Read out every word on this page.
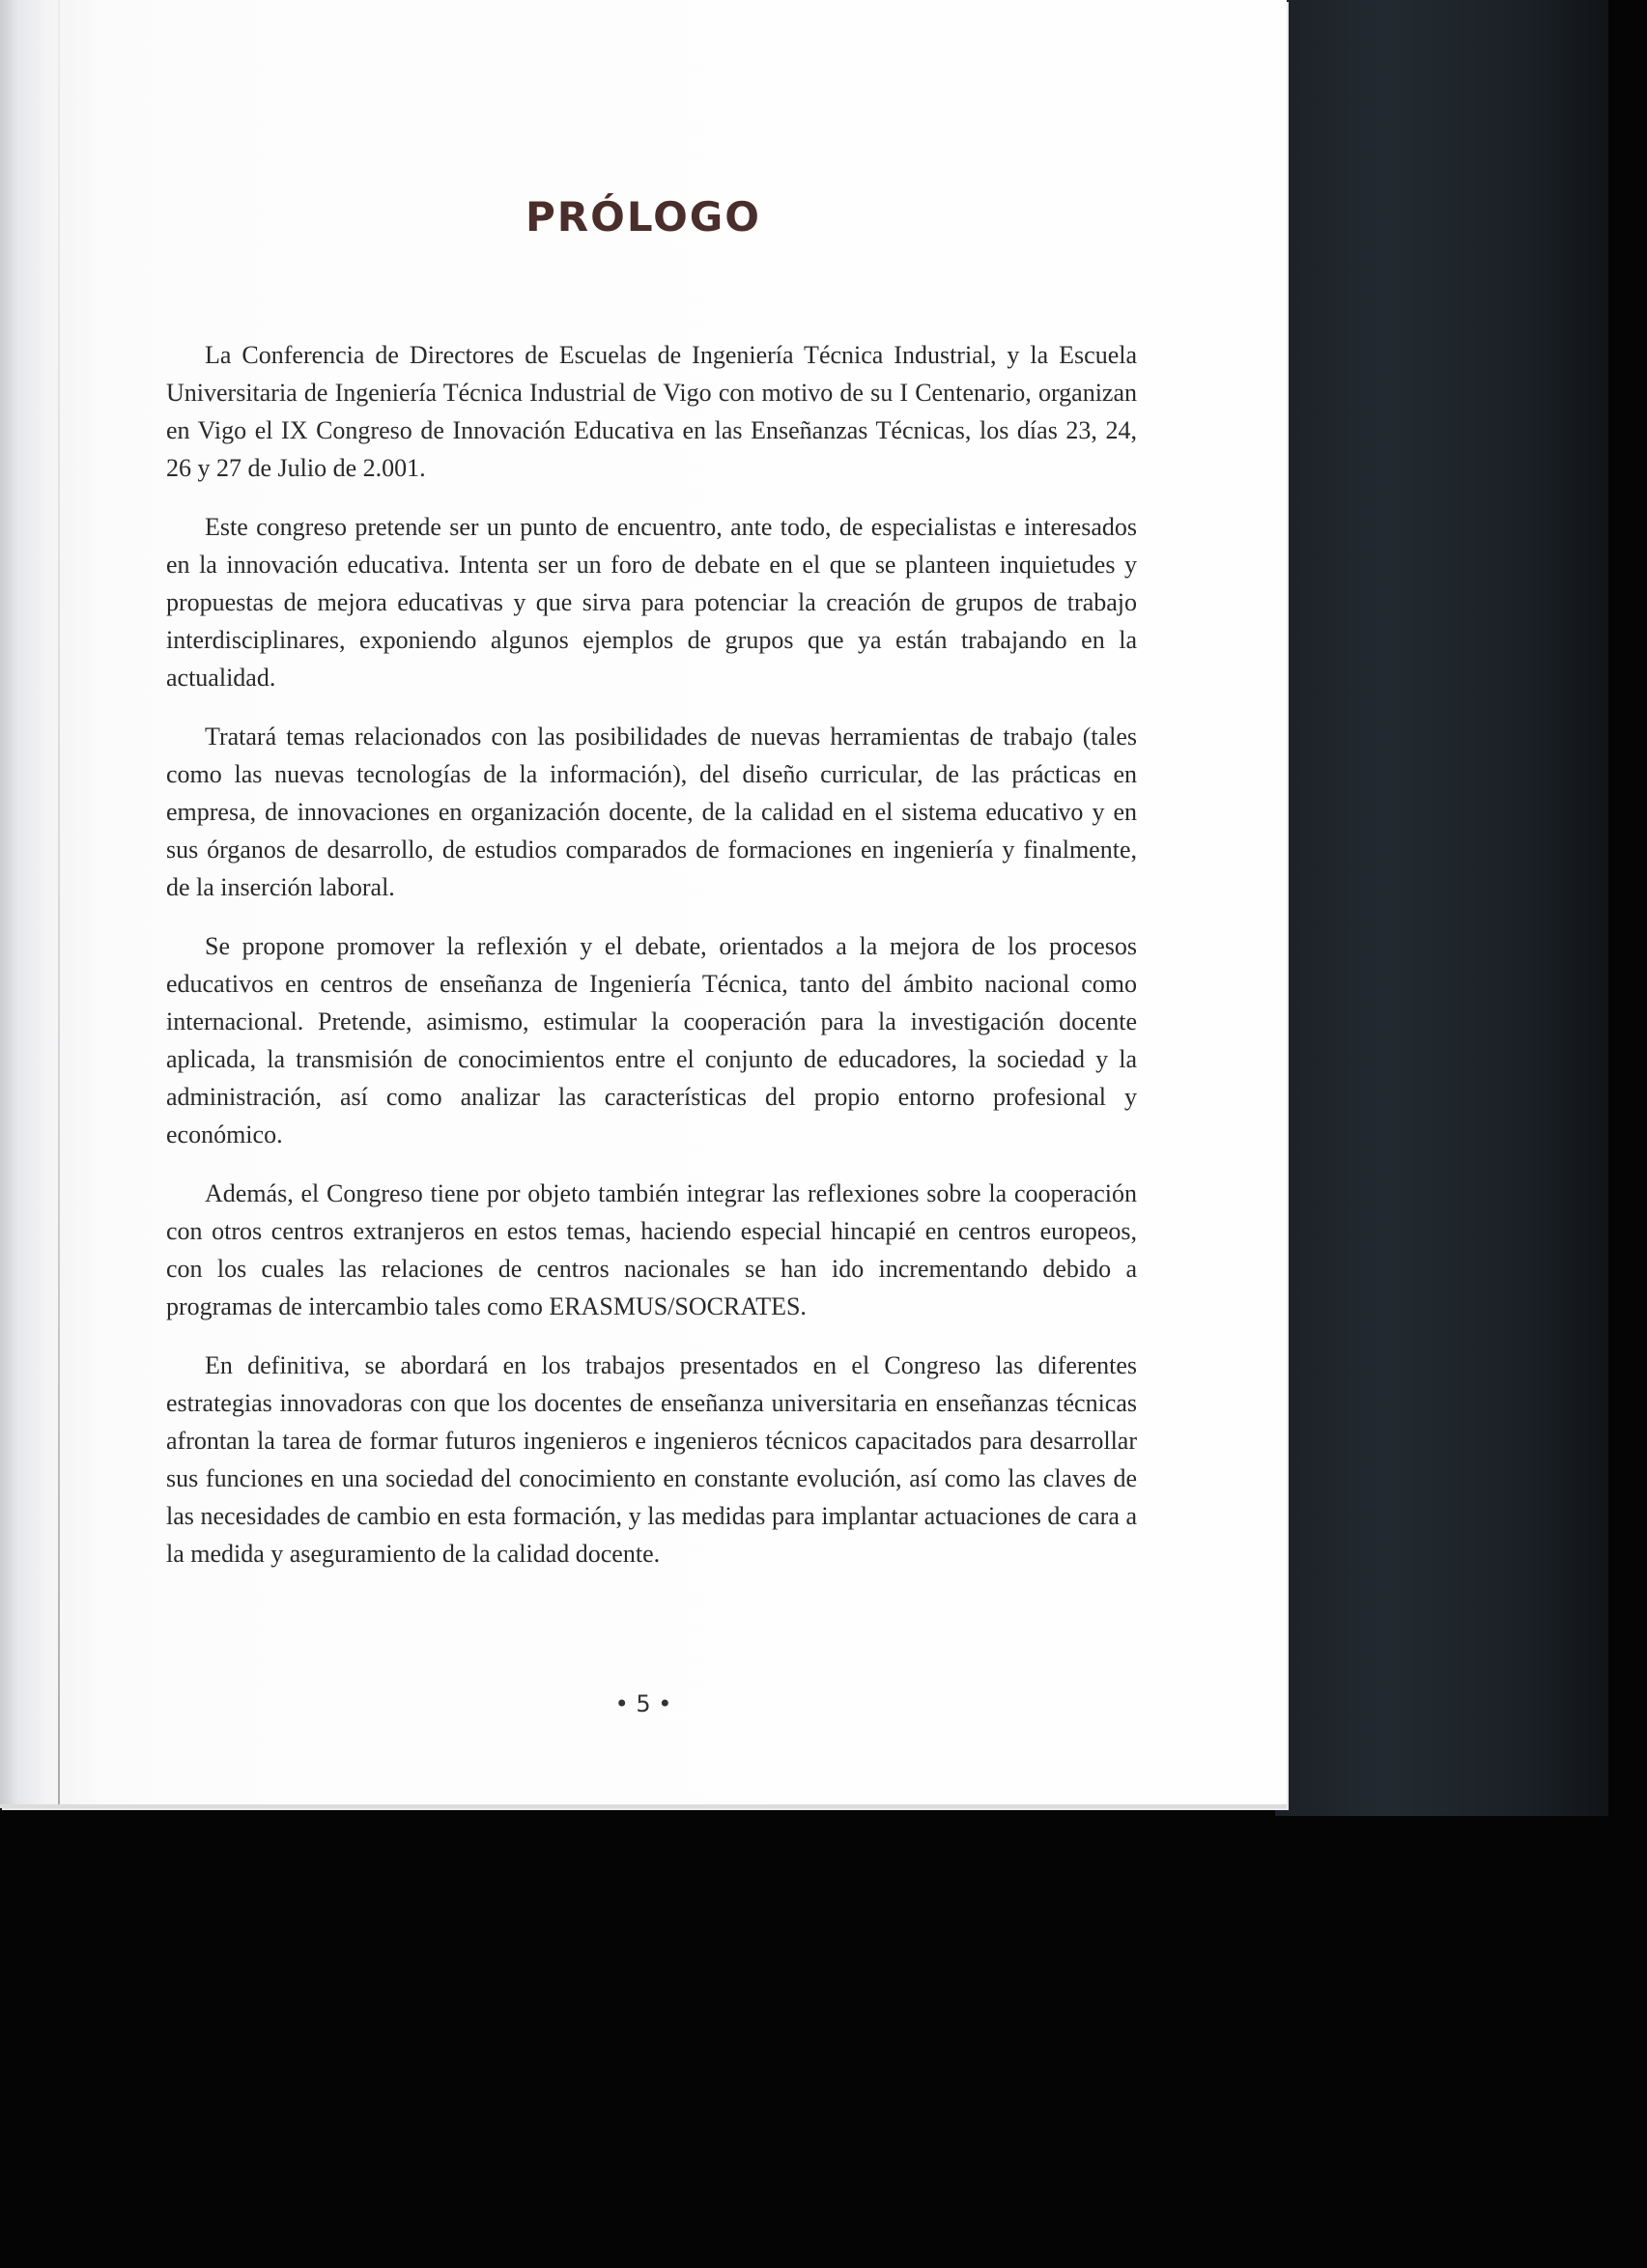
PRÓLOGO

La Conferencia de Directores de Escuelas de Ingeniería Técnica Industrial, y la Escuela Universitaria de Ingeniería Técnica Industrial de Vigo con motivo de su I Centenario, organizan en Vigo el IX Congreso de Innovación Educativa en las Enseñanzas Técnicas, los días 23, 24, 26 y 27 de Julio de 2.001.

Este congreso pretende ser un punto de encuentro, ante todo, de especialistas e interesados en la innovación educativa. Intenta ser un foro de debate en el que se planteen inquietudes y propuestas de mejora educativas y que sirva para potenciar la creación de grupos de trabajo interdisciplinares, exponiendo algunos ejemplos de grupos que ya están trabajando en la actualidad.

Tratará temas relacionados con las posibilidades de nuevas herramientas de trabajo (tales como las nuevas tecnologías de la información), del diseño curricular, de las prácticas en empresa, de innovaciones en organización docente, de la calidad en el sistema educativo y en sus órganos de desarrollo, de estudios comparados de formaciones en ingeniería y finalmente, de la inserción laboral.

Se propone promover la reflexión y el debate, orientados a la mejora de los procesos educativos en centros de enseñanza de Ingeniería Técnica, tanto del ámbito nacional como internacional. Pretende, asimismo, estimular la cooperación para la investigación docente aplicada, la transmisión de conocimientos entre el conjunto de educadores, la sociedad y la administración, así como analizar las características del propio entorno profesional y económico.

Además, el Congreso tiene por objeto también integrar las reflexiones sobre la cooperación con otros centros extranjeros en estos temas, haciendo especial hincapié en centros europeos, con los cuales las relaciones de centros nacionales se han ido incrementando debido a programas de intercambio tales como ERASMUS/SOCRATES.

En definitiva, se abordará en los trabajos presentados en el Congreso las diferentes estrategias innovadoras con que los docentes de enseñanza universitaria en enseñanzas técnicas afrontan la tarea de formar futuros ingenieros e ingenieros técnicos capacitados para desarrollar sus funciones en una sociedad del conocimiento en constante evolución, así como las claves de las necesidades de cambio en esta formación, y las medidas para implantar actuaciones de cara a la medida y aseguramiento de la calidad docente.

• 5 •
